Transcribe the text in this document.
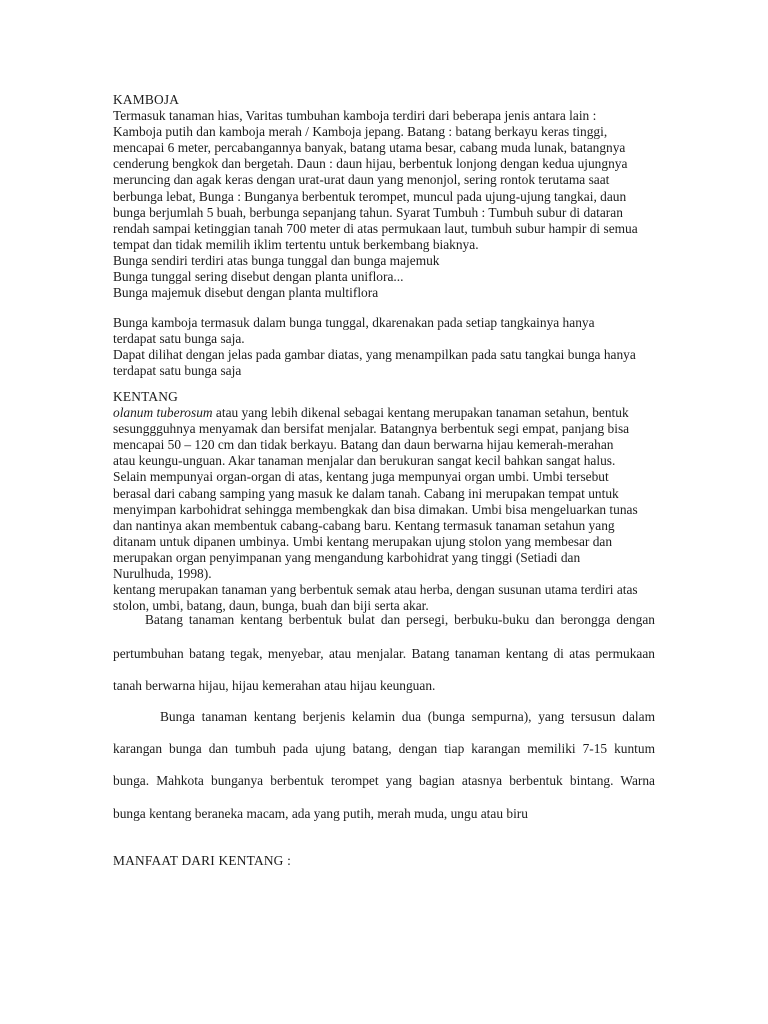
KAMBOJA
Termasuk tanaman hias, Varitas tumbuhan kamboja terdiri dari beberapa jenis antara lain :
Kamboja putih dan kamboja merah / Kamboja jepang. Batang : batang berkayu keras tinggi,
mencapai 6 meter, percabangannya banyak, batang utama besar, cabang muda lunak, batangnya
cenderung bengkok dan bergetah. Daun : daun hijau, berbentuk lonjong dengan kedua ujungnya
meruncing dan agak keras dengan urat-urat daun yang menonjol, sering rontok terutama saat
berbunga lebat, Bunga : Bunganya berbentuk terompet, muncul pada ujung-ujung tangkai, daun
bunga berjumlah 5 buah, berbunga sepanjang tahun. Syarat Tumbuh : Tumbuh subur di dataran
rendah sampai ketinggian tanah 700 meter di atas permukaan laut, tumbuh subur hampir di semua
tempat dan tidak memilih iklim tertentu untuk berkembang biaknya.
Bunga sendiri terdiri atas bunga tunggal dan bunga majemuk
Bunga tunggal sering disebut dengan planta uniflora...
Bunga majemuk disebut dengan planta multiflora
Bunga kamboja termasuk dalam bunga tunggal, dkarenakan pada setiap tangkainya hanya
terdapat satu bunga saja.
Dapat dilihat dengan jelas pada gambar diatas, yang menampilkan pada satu tangkai bunga hanya
terdapat satu bunga saja
KENTANG
olanum tuberosum atau yang lebih dikenal sebagai kentang merupakan tanaman setahun, bentuk
sesunggguhnya menyamak dan bersifat menjalar. Batangnya berbentuk segi empat, panjang bisa
mencapai 50 – 120 cm dan tidak berkayu. Batang dan daun berwarna hijau kemerah-merahan
atau keungu-unguan. Akar tanaman menjalar dan berukuran sangat kecil bahkan sangat halus.
Selain mempunyai organ-organ di atas, kentang juga mempunyai organ umbi. Umbi tersebut
berasal dari cabang samping yang masuk ke dalam tanah. Cabang ini merupakan tempat untuk
menyimpan karbohidrat sehingga membengkak dan bisa dimakan. Umbi bisa mengeluarkan tunas
dan nantinya akan membentuk cabang-cabang baru. Kentang termasuk tanaman setahun yang
ditanam untuk dipanen umbinya. Umbi kentang merupakan ujung stolon yang membesar dan
merupakan organ penyimpanan yang mengandung karbohidrat yang tinggi (Setiadi dan
Nurulhuda, 1998).
kentang merupakan tanaman yang berbentuk semak atau herba, dengan susunan utama terdiri atas
stolon, umbi, batang, daun, bunga, buah dan biji serta akar.
Batang tanaman kentang berbentuk bulat dan persegi, berbuku-buku dan berongga dengan
pertumbuhan batang tegak, menyebar, atau menjalar. Batang tanaman kentang di atas permukaan
tanah berwarna hijau, hijau kemerahan atau hijau keunguan.
Bunga tanaman kentang berjenis kelamin dua (bunga sempurna), yang tersusun dalam
karangan bunga dan tumbuh pada ujung batang, dengan tiap karangan memiliki 7-15 kuntum
bunga. Mahkota bunganya berbentuk terompet yang bagian atasnya berbentuk bintang. Warna
bunga kentang beraneka macam, ada yang putih, merah muda, ungu atau biru
MANFAAT DARI KENTANG :
